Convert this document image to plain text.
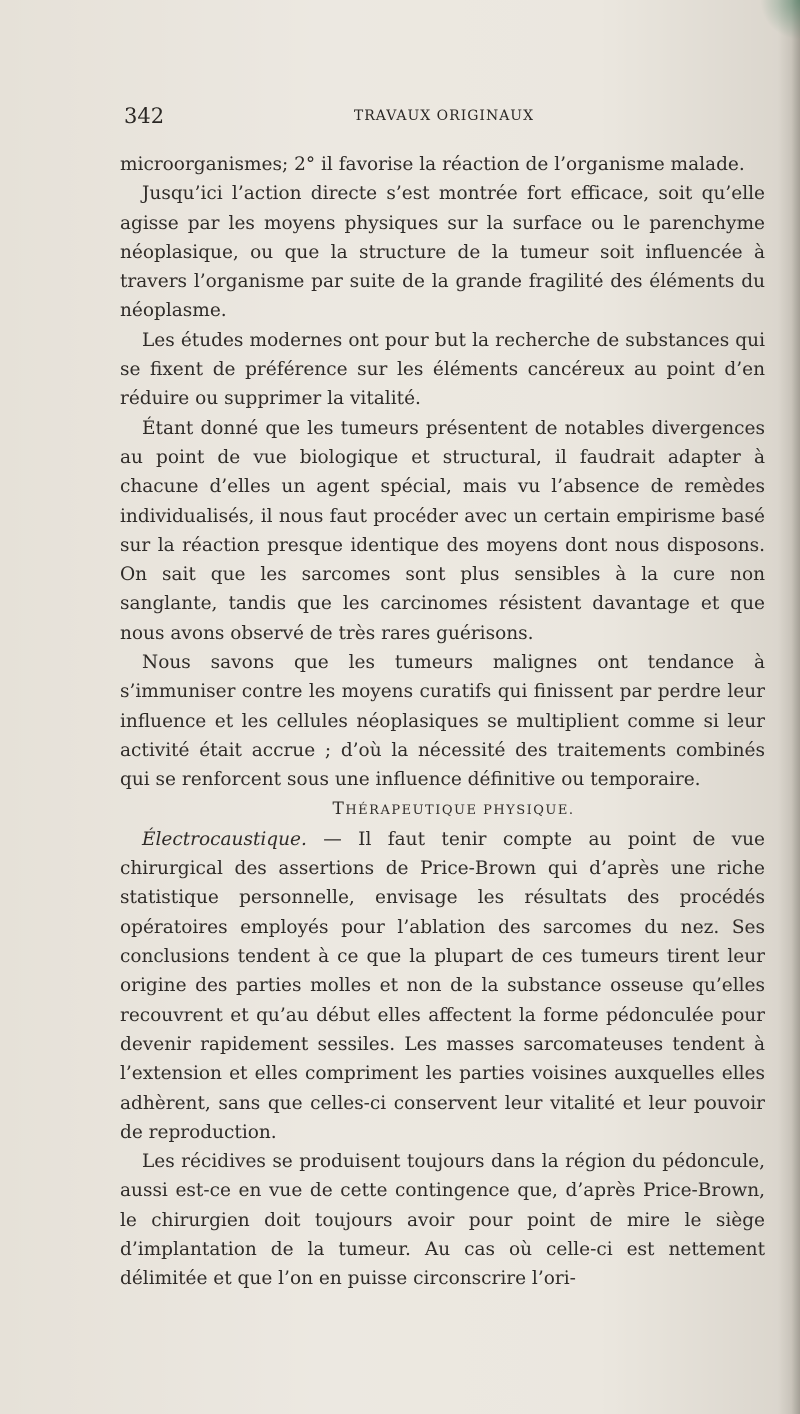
342	TRAVAUX ORIGINAUX

microorganismes; 2° il favorise la réaction de l’organisme malade.

Jusqu’ici l’action directe s’est montrée fort efficace, soit qu’elle agisse par les moyens physiques sur la surface ou le parenchyme néoplasique, ou que la structure de la tumeur soit influencée à travers l’organisme par suite de la grande fragilité des éléments du néoplasme.

Les études modernes ont pour but la recherche de substances qui se fixent de préférence sur les éléments cancéreux au point d’en réduire ou supprimer la vitalité.

Étant donné que les tumeurs présentent de notables divergences au point de vue biologique et structural, il faudrait adapter à chacune d’elles un agent spécial, mais vu l’absence de remèdes individualisés, il nous faut procéder avec un certain empirisme basé sur la réaction presque identique des moyens dont nous disposons. On sait que les sarcomes sont plus sensibles à la cure non sanglante, tandis que les carcinomes résistent davantage et que nous avons observé de très rares guérisons.

Nous savons que les tumeurs malignes ont tendance à s’immuniser contre les moyens curatifs qui finissent par perdre leur influence et les cellules néoplasiques se multiplient comme si leur activité était accrue ; d’où la nécessité des traitements combinés qui se renforcent sous une influence définitive ou temporaire.

THÉRAPEUTIQUE PHYSIQUE.

Électrocaustique. — Il faut tenir compte au point de vue chirurgical des assertions de Price-Brown qui d’après une riche statistique personnelle, envisage les résultats des procédés opératoires employés pour l’ablation des sarcomes du nez. Ses conclusions tendent à ce que la plupart de ces tumeurs tirent leur origine des parties molles et non de la substance osseuse qu’elles recouvrent et qu’au début elles affectent la forme pédonculée pour devenir rapidement sessiles. Les masses sarcomateuses tendent à l’extension et elles compriment les parties voisines auxquelles elles adhèrent, sans que celles-ci conservent leur vitalité et leur pouvoir de reproduction.

Les récidives se produisent toujours dans la région du pédoncule, aussi est-ce en vue de cette contingence que, d’après Price-Brown, le chirurgien doit toujours avoir pour point de mire le siège d’implantation de la tumeur. Au cas où celle-ci est nettement délimitée et que l’on en puisse circonscrire l’ori-
